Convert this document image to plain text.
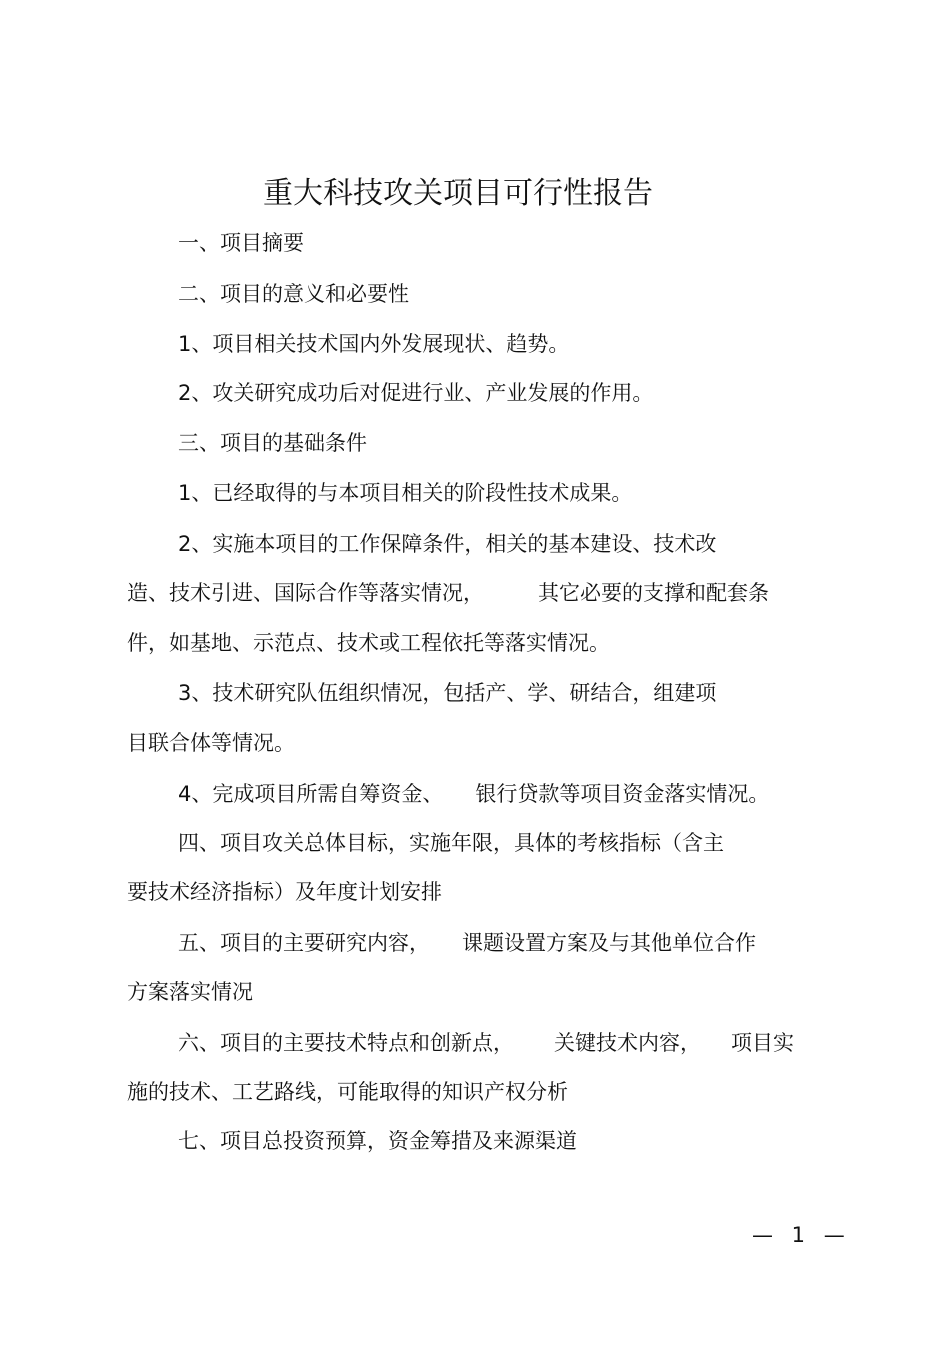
重大科技攻关项目可行性报告
一、项目摘要
二、项目的意义和必要性
1、项目相关技术国内外发展现状、趋势。
2、攻关研究成功后对促进行业、产业发展的作用。
三、项目的基础条件
1、已经取得的与本项目相关的阶段性技术成果。
2、实施本项目的工作保障条件，相关的基本建设、技术改
造、技术引进、国际合作等落实情况，	其它必要的支撑和配套条
件，如基地、示范点、技术或工程依托等落实情况。
3、技术研究队伍组织情况，包括产、学、研结合，组建项
目联合体等情况。
4、完成项目所需自筹资金、 银行贷款等项目资金落实情况。
四、项目攻关总体目标，实施年限，具体的考核指标（含主
要技术经济指标）及年度计划安排
五、项目的主要研究内容， 课题设置方案及与其他单位合作
方案落实情况
六、项目的主要技术特点和创新点， 关键技术内容， 项目实
施的技术、工艺路线，可能取得的知识产权分析
七、项目总投资预算，资金筹措及来源渠道
— 1 —
